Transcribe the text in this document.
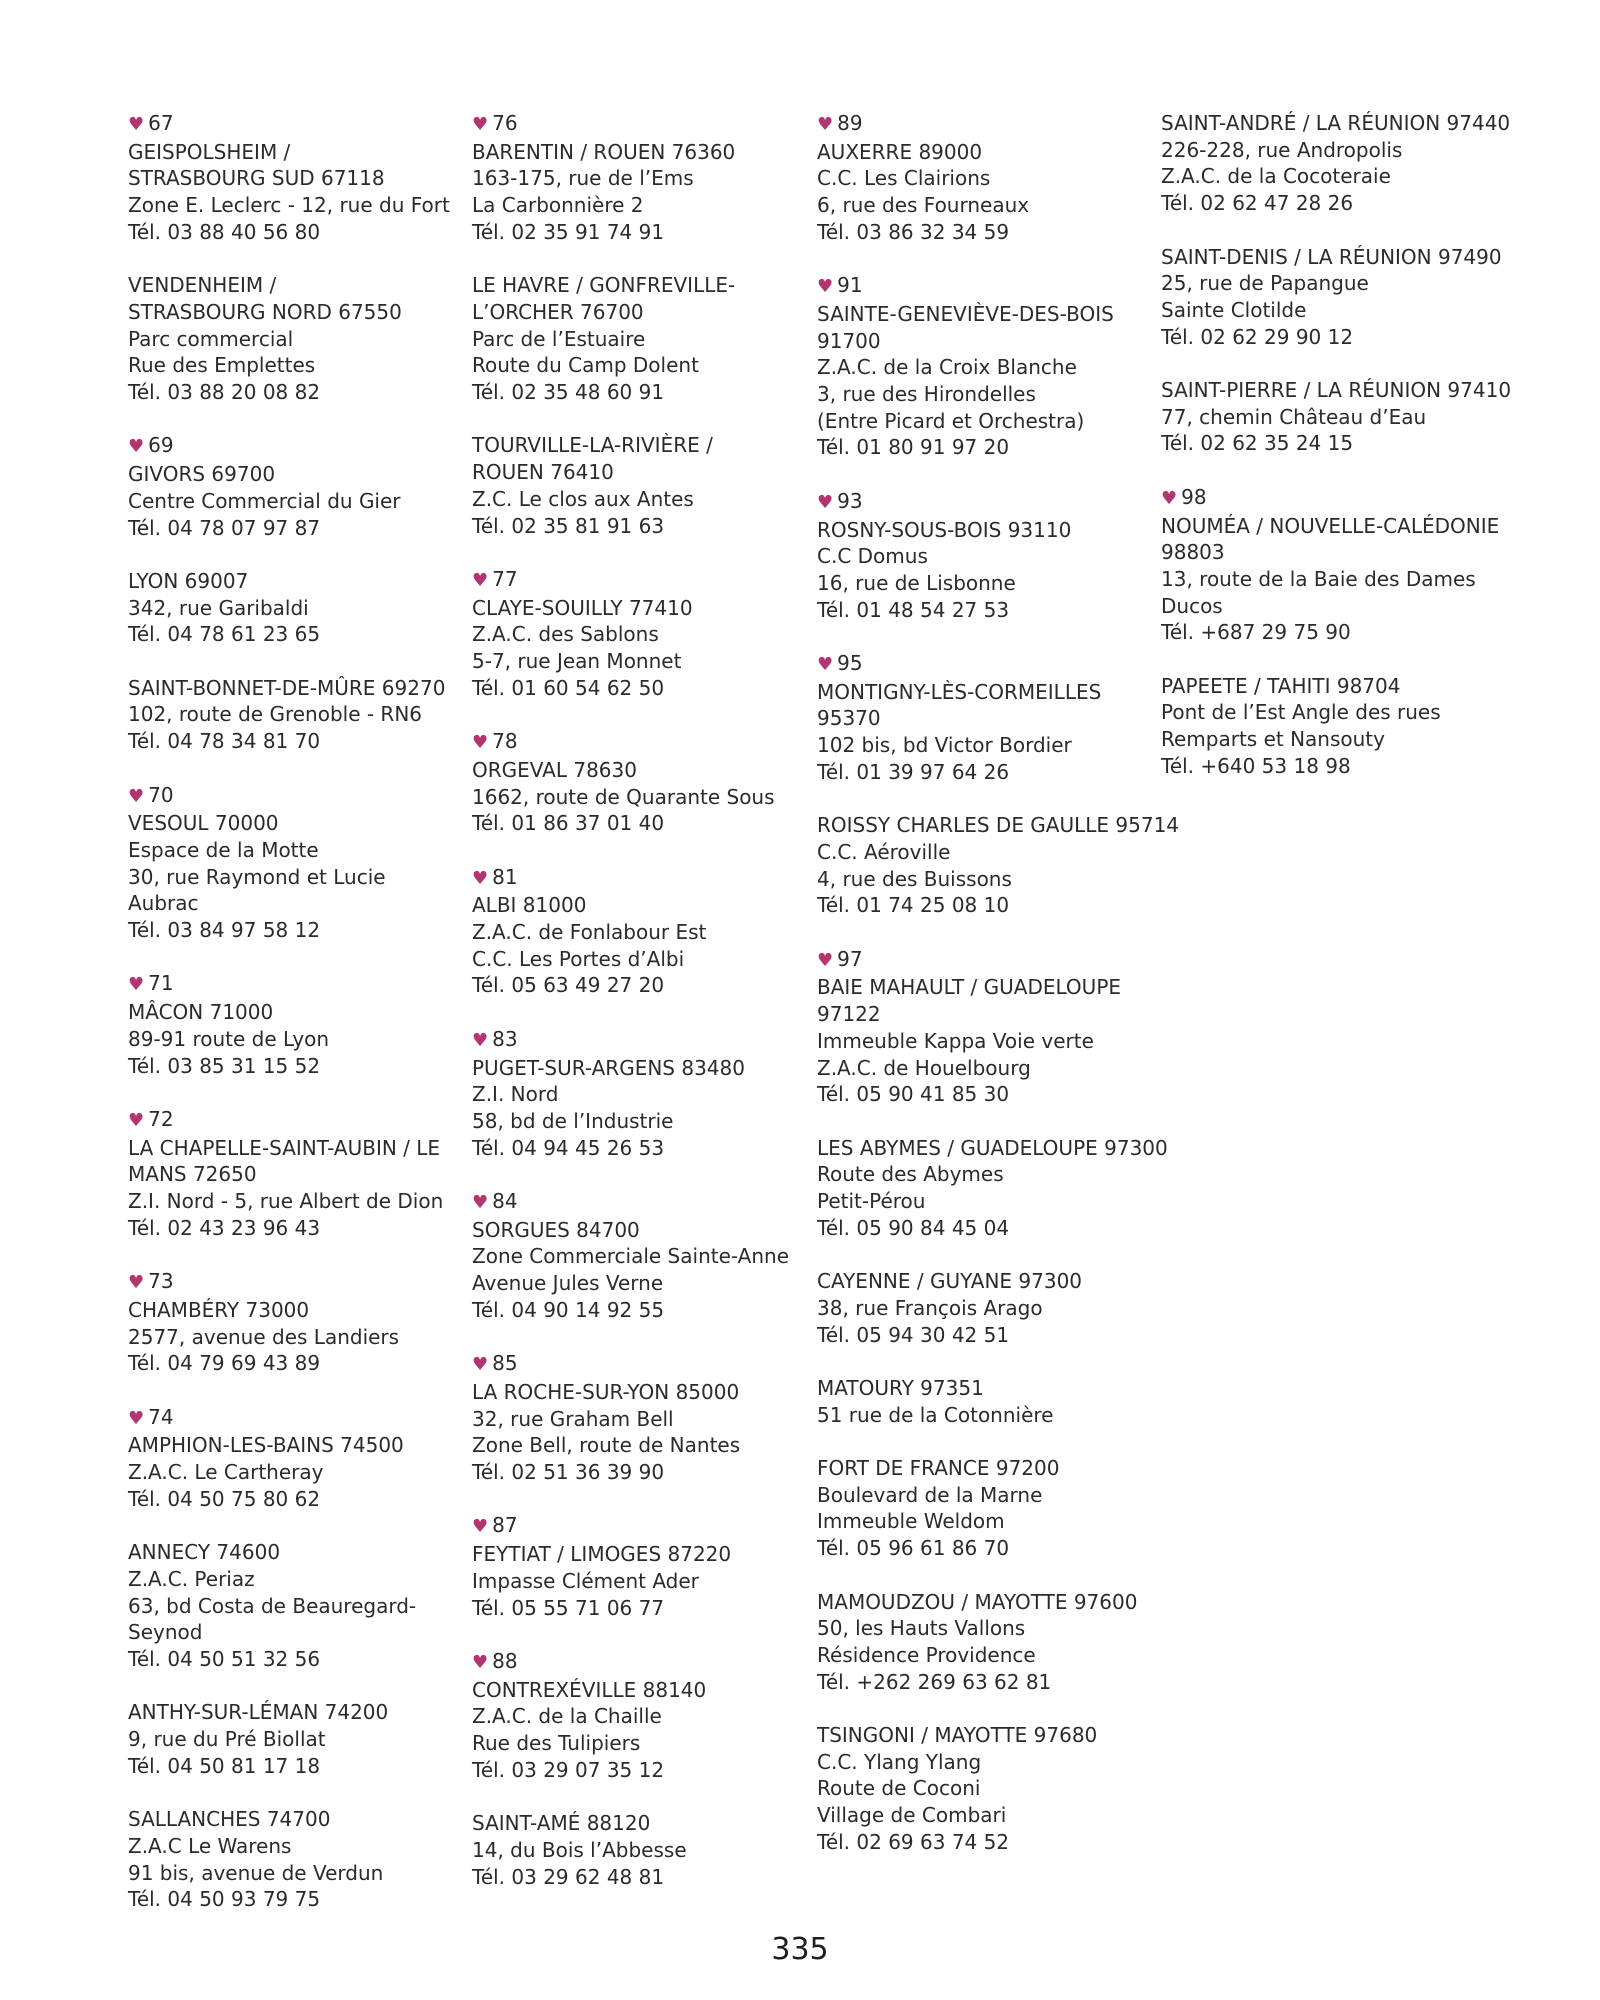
♥ 67
GEISPOLSHEIM /
STRASBOURG SUD 67118
Zone E. Leclerc - 12, rue du Fort
Tél. 03 88 40 56 80
VENDENHEIM /
STRASBOURG NORD 67550
Parc commercial
Rue des Emplettes
Tél. 03 88 20 08 82
♥ 69
GIVORS 69700
Centre Commercial du Gier
Tél. 04 78 07 97 87
LYON 69007
342, rue Garibaldi
Tél. 04 78 61 23 65
SAINT-BONNET-DE-MÛRE 69270
102, route de Grenoble - RN6
Tél. 04 78 34 81 70
♥ 70
VESOUL 70000
Espace de la Motte
30, rue Raymond et Lucie
Aubrac
Tél. 03 84 97 58 12
♥ 71
MÂCON 71000
89-91 route de Lyon
Tél. 03 85 31 15 52
♥ 72
LA CHAPELLE-SAINT-AUBIN / LE
MANS 72650
Z.I. Nord - 5, rue Albert de Dion
Tél. 02 43 23 96 43
♥ 73
CHAMBÉRY 73000
2577, avenue des Landiers
Tél. 04 79 69 43 89
♥ 74
AMPHION-LES-BAINS 74500
Z.A.C. Le Cartheray
Tél. 04 50 75 80 62
ANNECY 74600
Z.A.C. Periaz
63, bd Costa de Beauregard-
Seynod
Tél. 04 50 51 32 56
ANTHY-SUR-LÉMAN 74200
9, rue du Pré Biollat
Tél. 04 50 81 17 18
SALLANCHES 74700
Z.A.C Le Warens
91 bis, avenue de Verdun
Tél. 04 50 93 79 75
♥ 76
BARENTIN / ROUEN 76360
163-175, rue de l’Ems
La Carbonnière 2
Tél. 02 35 91 74 91
LE HAVRE / GONFREVILLE-
L’ORCHER 76700
Parc de l’Estuaire
Route du Camp Dolent
Tél. 02 35 48 60 91
TOURVILLE-LA-RIVIÈRE /
ROUEN 76410
Z.C. Le clos aux Antes
Tél. 02 35 81 91 63
♥ 77
CLAYE-SOUILLY 77410
Z.A.C. des Sablons
5-7, rue Jean Monnet
Tél. 01 60 54 62 50
♥ 78
ORGEVAL 78630
1662, route de Quarante Sous
Tél. 01 86 37 01 40
♥ 81
ALBI 81000
Z.A.C. de Fonlabour Est
C.C. Les Portes d’Albi
Tél. 05 63 49 27 20
♥ 83
PUGET-SUR-ARGENS 83480
Z.I. Nord
58, bd de l’Industrie
Tél. 04 94 45 26 53
♥ 84
SORGUES 84700
Zone Commerciale Sainte-Anne
Avenue Jules Verne
Tél. 04 90 14 92 55
♥ 85
LA ROCHE-SUR-YON 85000
32, rue Graham Bell
Zone Bell, route de Nantes
Tél. 02 51 36 39 90
♥ 87
FEYTIAT / LIMOGES 87220
Impasse Clément Ader
Tél. 05 55 71 06 77
♥ 88
CONTREXÉVILLE 88140
Z.A.C. de la Chaille
Rue des Tulipiers
Tél. 03 29 07 35 12
SAINT-AMÉ 88120
14, du Bois l’Abbesse
Tél. 03 29 62 48 81
♥ 89
AUXERRE 89000
C.C. Les Clairions
6, rue des Fourneaux
Tél. 03 86 32 34 59
♥ 91
SAINTE-GENEVIÈVE-DES-BOIS
91700
Z.A.C. de la Croix Blanche
3, rue des Hirondelles
(Entre Picard et Orchestra)
Tél. 01 80 91 97 20
♥ 93
ROSNY-SOUS-BOIS 93110
C.C Domus
16, rue de Lisbonne
Tél. 01 48 54 27 53
♥ 95
MONTIGNY-LÈS-CORMEILLES
95370
102 bis, bd Victor Bordier
Tél. 01 39 97 64 26
ROISSY CHARLES DE GAULLE 95714
C.C. Aéroville
4, rue des Buissons
Tél. 01 74 25 08 10
♥ 97
BAIE MAHAULT / GUADELOUPE
97122
Immeuble Kappa Voie verte
Z.A.C. de Houelbourg
Tél. 05 90 41 85 30
LES ABYMES / GUADELOUPE 97300
Route des Abymes
Petit-Pérou
Tél. 05 90 84 45 04
CAYENNE / GUYANE 97300
38, rue François Arago
Tél. 05 94 30 42 51
MATOURY 97351
51 rue de la Cotonnière
FORT DE FRANCE 97200
Boulevard de la Marne
Immeuble Weldom
Tél. 05 96 61 86 70
MAMOUDZOU / MAYOTTE 97600
50, les Hauts Vallons
Résidence Providence
Tél. +262 269 63 62 81
TSINGONI / MAYOTTE 97680
C.C. Ylang Ylang
Route de Coconi
Village de Combari
Tél. 02 69 63 74 52
SAINT-ANDRÉ / LA RÉUNION 97440
226-228, rue Andropolis
Z.A.C. de la Cocoteraie
Tél. 02 62 47 28 26
SAINT-DENIS / LA RÉUNION 97490
25, rue de Papangue
Sainte Clotilde
Tél. 02 62 29 90 12
SAINT-PIERRE / LA RÉUNION 97410
77, chemin Château d’Eau
Tél. 02 62 35 24 15
♥ 98
NOUMÉA / NOUVELLE-CALÉDONIE
98803
13, route de la Baie des Dames
Ducos
Tél. +687 29 75 90
PAPEETE / TAHITI 98704
Pont de l’Est Angle des rues
Remparts et Nansouty
Tél. +640 53 18 98
335
